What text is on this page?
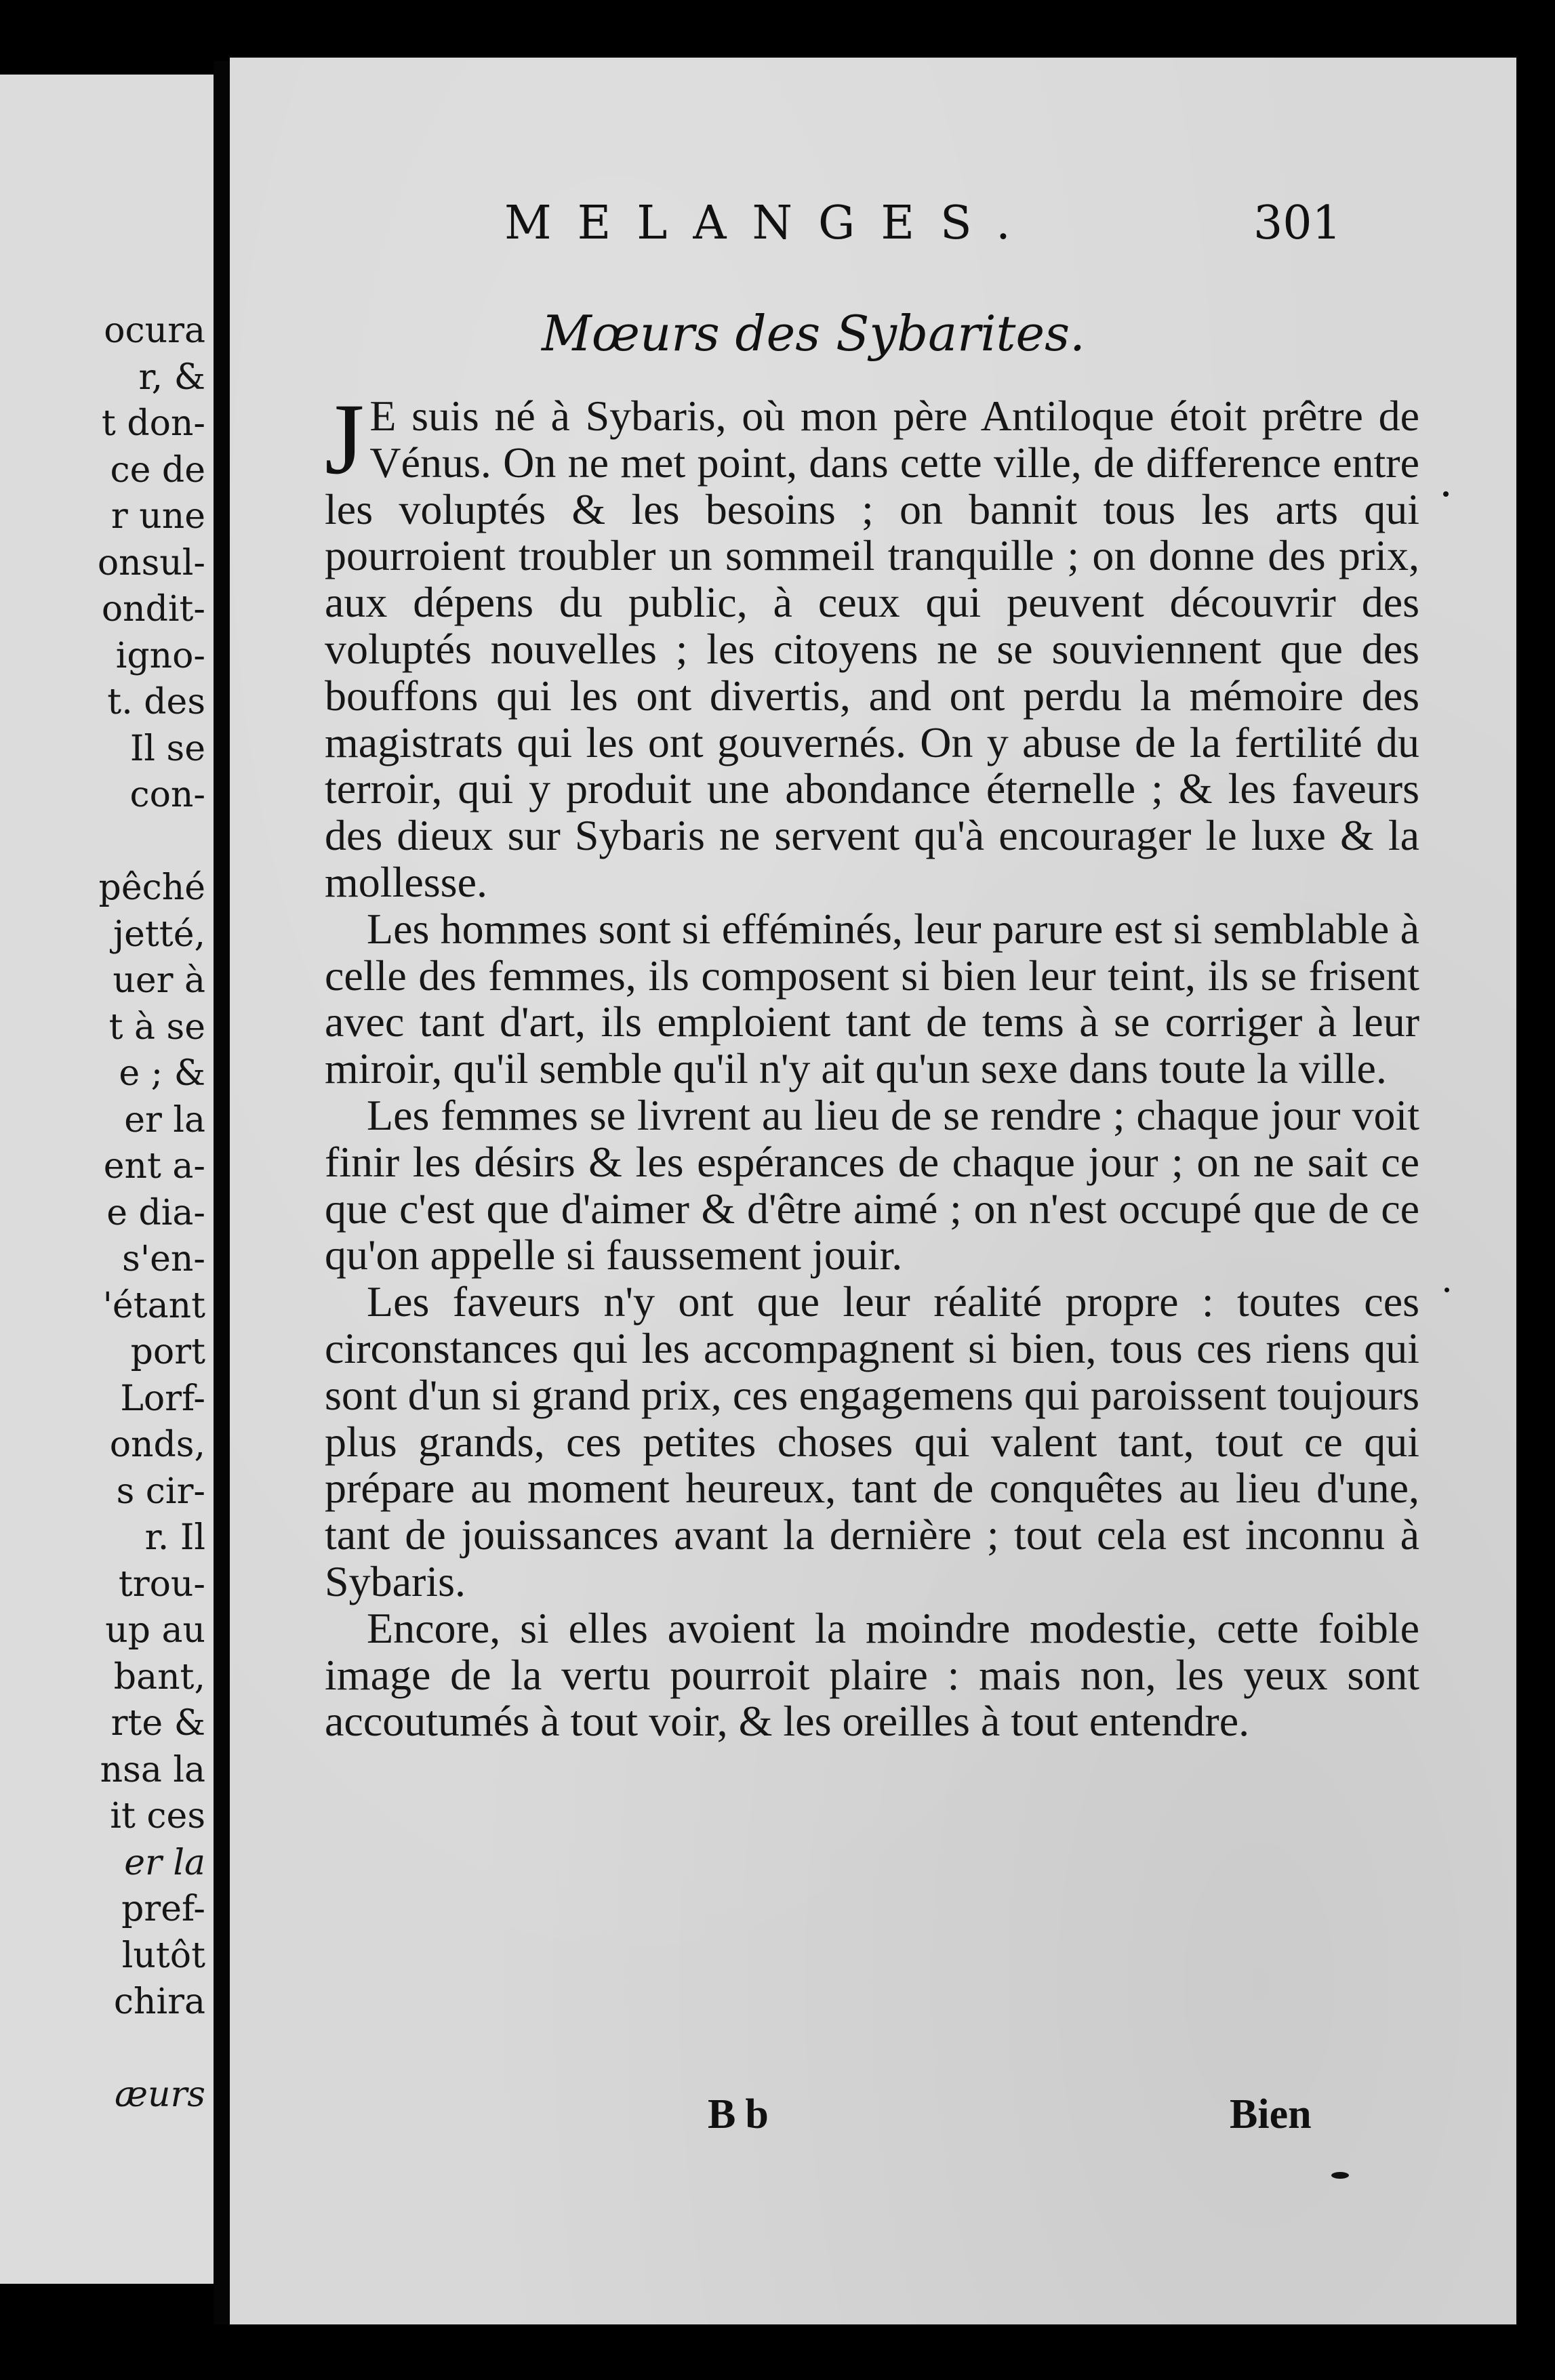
ocura
r, &
t don-
ce de
r une
onsul-
ondit-
igno-
t. des
Il se
con-
pêché
jetté,
uer à
t à se
e ; &
er la
ent a-
e dia-
s'en-
'étant
port
Lorf-
onds,
s cir-
r. Il
trou-
up au
bant,
rte &
nsa la
it ces
er la
pref-
lutôt
chira
æurs
MELANGES.	301
Mœurs des Sybarites.

J E suis né à Sybaris, où mon père Antiloque étoit prêtre de Vénus. On ne met point, dans cette ville, de difference entre les voluptés & les besoins ; on bannit tous les arts qui pourroient troubler un sommeil tranquille ; on donne des prix, aux dépens du public, à ceux qui peuvent découvrir des voluptés nouvelles ; les citoyens ne se souviennent que des bouffons qui les ont divertis, and ont perdu la mémoire des magistrats qui les ont gouvernés. On y abuse de la fertilité du terroir, qui y produit une abondance éternelle ; & les faveurs des dieux sur Sybaris ne servent qu'à encourager le luxe & la mollesse.

Les hommes sont si efféminés, leur parure est si semblable à celle des femmes, ils composent si bien leur teint, ils se frisent avec tant d'art, ils emploient tant de tems à se corriger à leur miroir, qu'il semble qu'il n'y ait qu'un sexe dans toute la ville.

Les femmes se livrent au lieu de se rendre ; chaque jour voit finir les désirs & les espérances de chaque jour ; on ne sait ce que c'est que d'aimer & d'être aimé ; on n'est occupé que de ce qu'on appelle si faussement jouir.

Les faveurs n'y ont que leur réalité propre : toutes ces circonstances qui les accompagnent si bien, tous ces riens qui sont d'un si grand prix, ces engagemens qui paroissent toujours plus grands, ces petites choses qui valent tant, tout ce qui prépare au moment heureux, tant de conquêtes au lieu d'une, tant de jouissances avant la dernière ; tout cela est inconnu à Sybaris.

Encore, si elles avoient la moindre modestie, cette foible image de la vertu pourroit plaire : mais non, les yeux sont accoutumés à tout voir, & les oreilles à tout entendre.

Bb	Bien
